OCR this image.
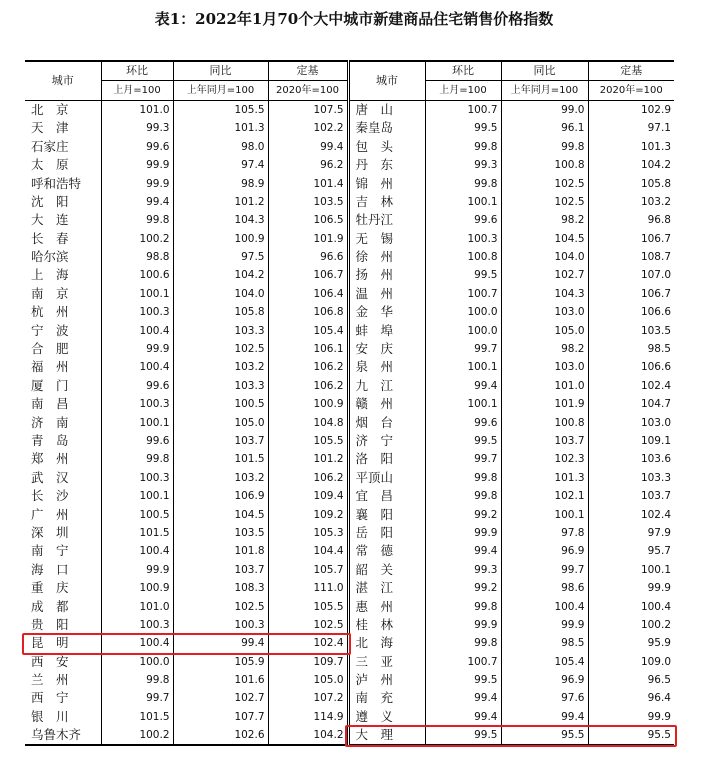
表1：2022年1月70个大中城市新建商品住宅销售价格指数
城市	环比	同比	定基	城市	环比	同比	定基
	上月=100	上年同月=100	2020年=100		上月=100	上年同月=100	2020年=100
北　京	101.0	105.5	107.5	唐　山	100.7	99.0	102.9
天　津	99.3	101.3	102.2	秦皇岛	99.5	96.1	97.1
石家庄	99.6	98.0	99.4	包　头	99.8	99.8	101.3
太　原	99.9	97.4	96.2	丹　东	99.3	100.8	104.2
呼和浩特	99.9	98.9	101.4	锦　州	99.8	102.5	105.8
沈　阳	99.4	101.2	103.5	吉　林	100.1	102.5	103.2
大　连	99.8	104.3	106.5	牡丹江	99.6	98.2	96.8
长　春	100.2	100.9	101.9	无　锡	100.3	104.5	106.7
哈尔滨	98.8	97.5	96.6	徐　州	100.8	104.0	108.7
上　海	100.6	104.2	106.7	扬　州	99.5	102.7	107.0
南　京	100.1	104.0	106.4	温　州	100.7	104.3	106.7
杭　州	100.3	105.8	106.8	金　华	100.0	103.0	106.6
宁　波	100.4	103.3	105.4	蚌　埠	100.0	105.0	103.5
合　肥	99.9	102.5	106.1	安　庆	99.7	98.2	98.5
福　州	100.4	103.2	106.2	泉　州	100.1	103.0	106.6
厦　门	99.6	103.3	106.2	九　江	99.4	101.0	102.4
南　昌	100.3	100.5	100.9	赣　州	100.1	101.9	104.7
济　南	100.1	105.0	104.8	烟　台	99.6	100.8	103.0
青　岛	99.6	103.7	105.5	济　宁	99.5	103.7	109.1
郑　州	99.8	101.5	101.2	洛　阳	99.7	102.3	103.6
武　汉	100.3	103.2	106.2	平顶山	99.8	101.3	103.3
长　沙	100.1	106.9	109.4	宜　昌	99.8	102.1	103.7
广　州	100.5	104.5	109.2	襄　阳	99.2	100.1	102.4
深　圳	101.5	103.5	105.3	岳　阳	99.9	97.8	97.9
南　宁	100.4	101.8	104.4	常　德	99.4	96.9	95.7
海　口	99.9	103.7	105.7	韶　关	99.3	99.7	100.1
重　庆	100.9	108.3	111.0	湛　江	99.2	98.6	99.9
成　都	101.0	102.5	105.5	惠　州	99.8	100.4	100.4
贵　阳	100.3	100.3	102.5	桂　林	99.9	99.9	100.2
昆　明	100.4	99.4	102.4	北　海	99.8	98.5	95.9
西　安	100.0	105.9	109.7	三　亚	100.7	105.4	109.0
兰　州	99.8	101.6	105.0	泸　州	99.5	96.9	96.5
西　宁	99.7	102.7	107.2	南　充	99.4	97.6	96.4
银　川	101.5	107.7	114.9	遵　义	99.4	99.4	99.9
乌鲁木齐	100.2	102.6	104.2	大　理	99.5	95.5	95.5
